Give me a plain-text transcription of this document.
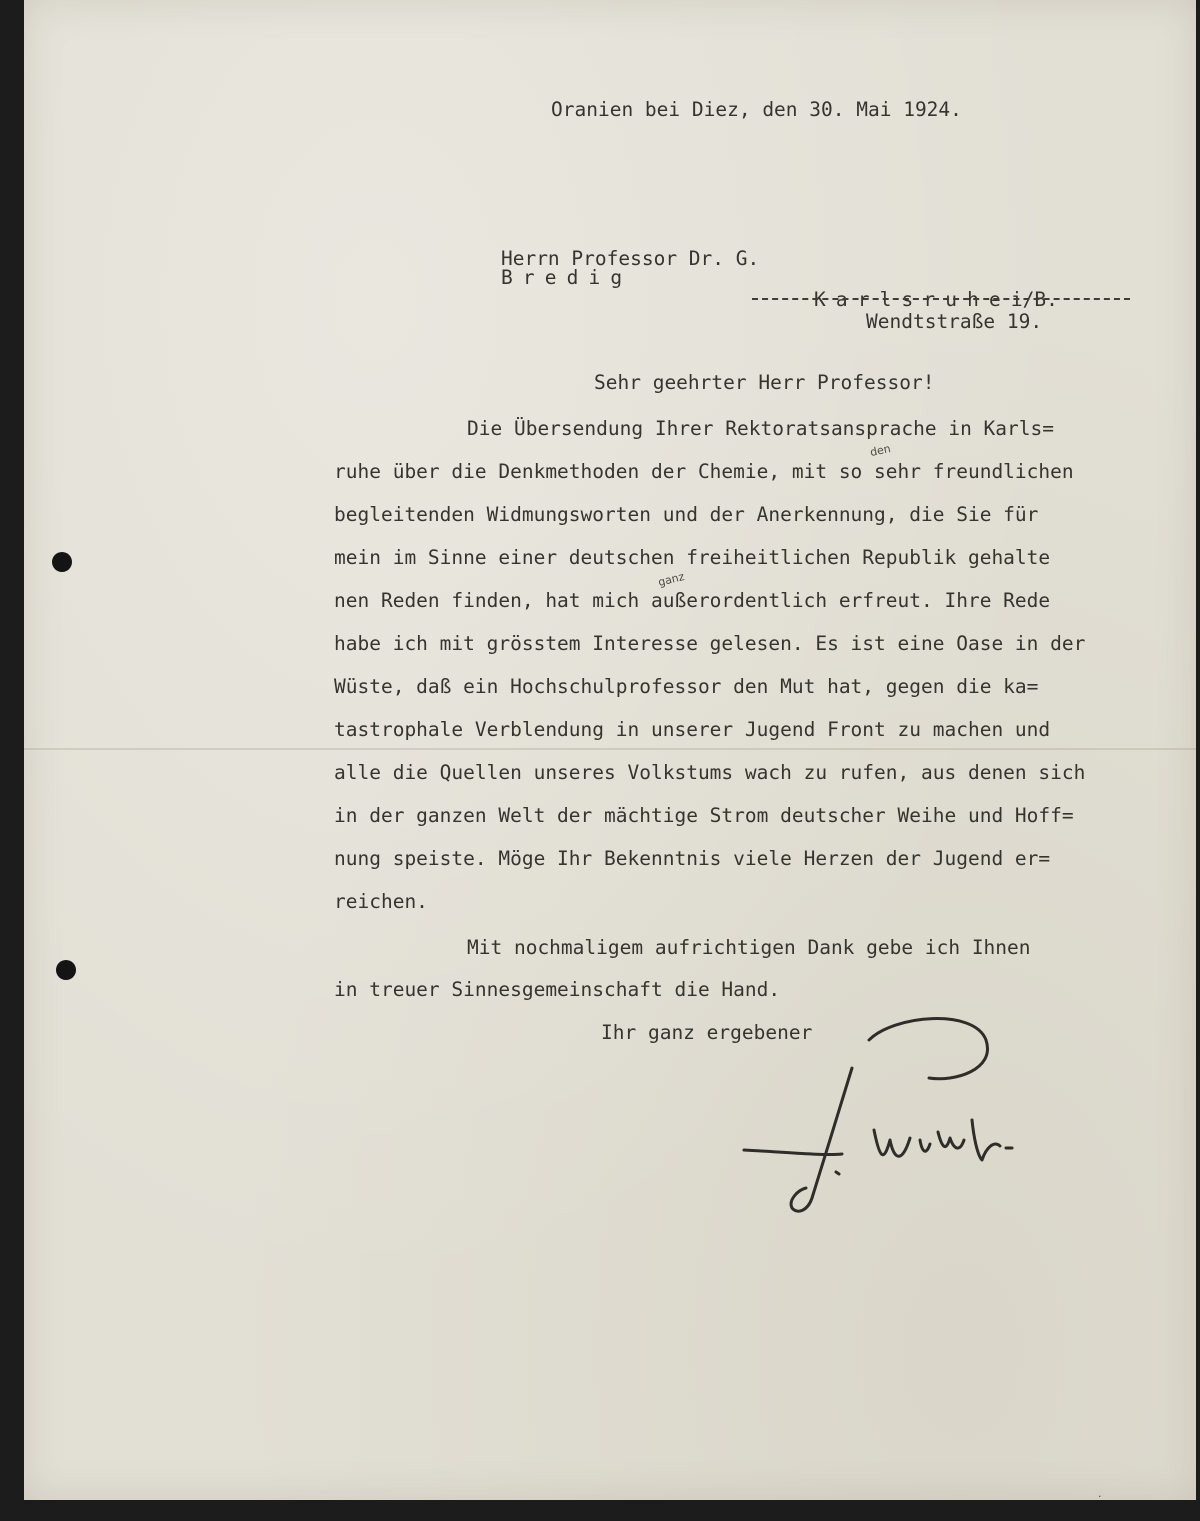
Oranien bei Diez, den 30. Mai 1924.

Herrn Professor Dr. G.
Bredig

Karlsruhei/B.

Wendtstraße 19.
Sehr geehrter Herr Professor!
Die Übersendung Ihrer Rektoratsansprache in Karls=
ruhe über die Denkmethoden der Chemie, mit so sehr freundlichen
begleitenden Widmungsworten und der Anerkennung, die Sie für
mein im Sinne einer deutschen freiheitlichen Republik gehalte
nen Reden finden, hat mich außerordentlich erfreut. Ihre Rede
habe ich mit grösstem Interesse gelesen. Es ist eine Oase in der
Wüste, daß ein Hochschulprofessor den Mut hat, gegen die ka=
tastrophale Verblendung in unserer Jugend Front zu machen und
alle die Quellen unseres Volkstums wach zu rufen, aus denen sich
in der ganzen Welt der mächtige Strom deutscher Weihe und Hoff=
nung speiste. Möge Ihr Bekenntnis viele Herzen der Jugend er=
reichen.
den
ganz
Mit nochmaligem aufrichtigen Dank gebe ich Ihnen
in treuer Sinnesgemeinschaft die Hand.
Ihr ganz ergebener
·
